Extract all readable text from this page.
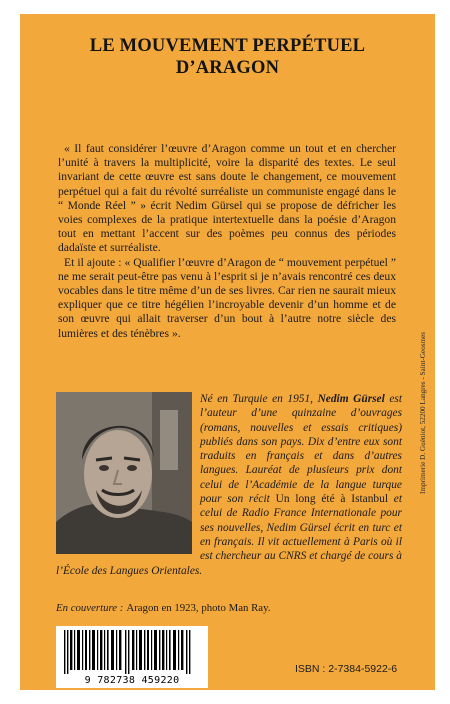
LE MOUVEMENT PERPÉTUEL
D’ARAGON

« Il faut considérer l’œuvre d’Aragon comme un tout et en chercher l’unité à travers la multiplicité, voire la disparité des textes. Le seul invariant de cette œuvre est sans doute le changement, ce mouvement perpétuel qui a fait du révolté surréaliste un communiste engagé dans le “ Monde Réel ” » écrit Nedim Gürsel qui se propose de défricher les voies complexes de la pratique intertextuelle dans la poésie d’Aragon tout en mettant l’accent sur des poèmes peu connus des périodes dadaïste et surréaliste.

Et il ajoute : « Qualifier l’œuvre d’Aragon de “ mouvement perpétuel ” ne me serait peut-être pas venu à l’esprit si je n’avais rencontré ces deux vocables dans le titre même d’un de ses livres. Car rien ne saurait mieux expliquer que ce titre hégélien l’incroyable devenir d’un homme et de son œuvre qui allait traverser d’un bout à l’autre notre siècle des lumières et des ténèbres ».

Né en Turquie en 1951, Nedim Gürsel est l’auteur d’une quinzaine d’ouvrages (romans, nouvelles et essais critiques) publiés dans son pays. Dix d’entre eux sont traduits en français et dans d’autres langues. Lauréat de plusieurs prix dont celui de l’Académie de la langue turque pour son récit Un long été à Istanbul et celui de Radio France Internationale pour ses nouvelles, Nedim Gürsel écrit en turc et en français. Il vit actuellement à Paris où il est chercheur au CNRS et chargé de cours à l’École des Langues Orientales.

En couverture : Aragon en 1923, photo Man Ray.

9 782738 459220
ISBN : 2-7384-5922-6
Imprimerie D. Guéniot, 52200 Langres - Saint-Geosmes
